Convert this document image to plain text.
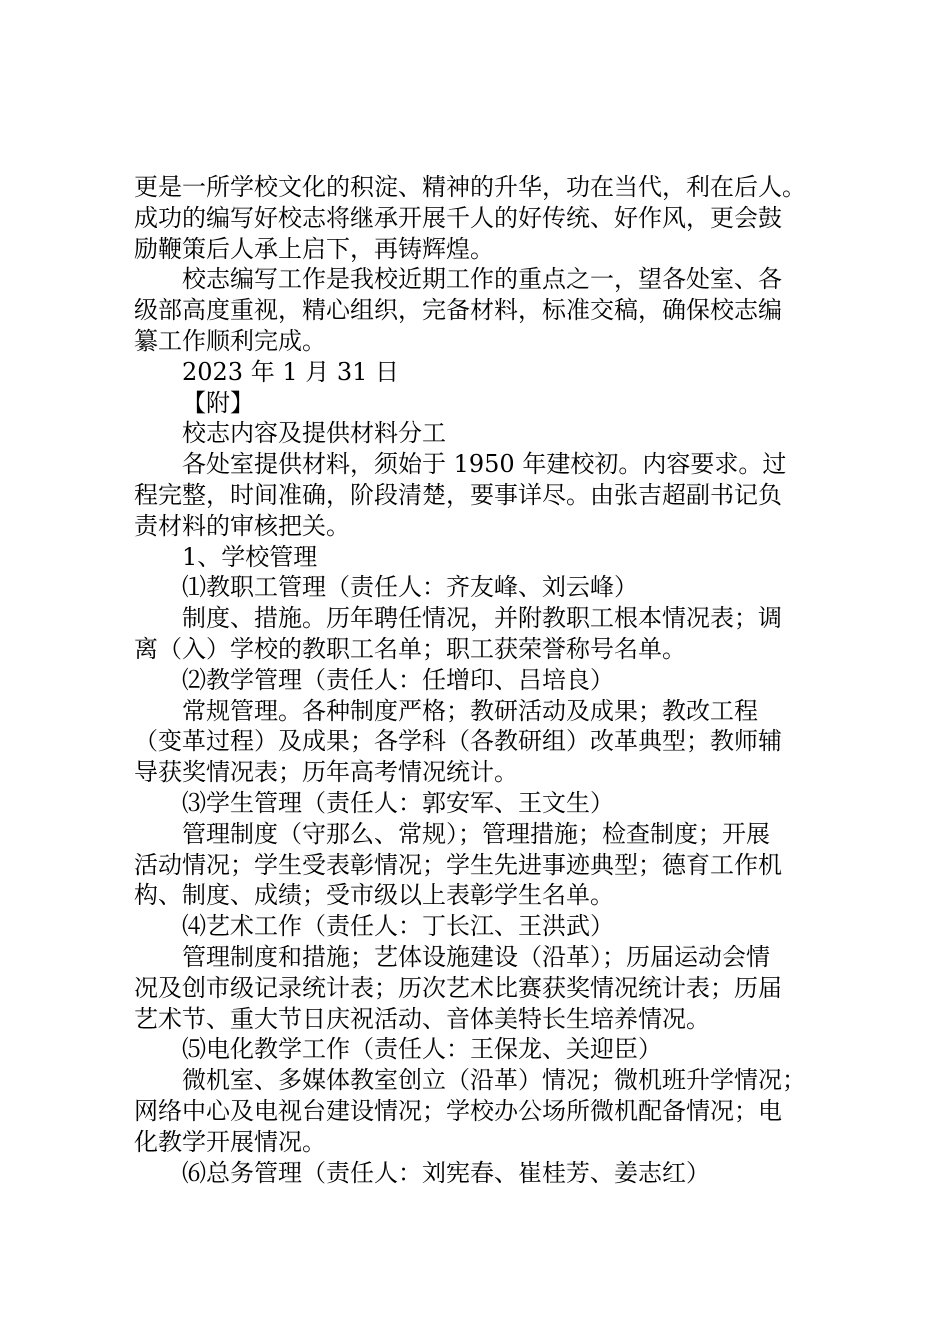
更是一所学校文化的积淀、精神的升华，功在当代，利在后人。

成功的编写好校志将继承开展千人的好传统、好作风，更会鼓

励鞭策后人承上启下，再铸辉煌。

校志编写工作是我校近期工作的重点之一，望各处室、各

级部高度重视，精心组织，完备材料，标准交稿，确保校志编

纂工作顺利完成。

2023 年 1 月 31 日

【附】

校志内容及提供材料分工

各处室提供材料，须始于 1950 年建校初。内容要求。过

程完整，时间准确，阶段清楚，要事详尽。由张吉超副书记负

责材料的审核把关。

1、学校管理

⑴教职工管理（责任人：齐友峰、刘云峰）

制度、措施。历年聘任情况，并附教职工根本情况表；调

离（入）学校的教职工名单；职工获荣誉称号名单。

⑵教学管理（责任人：任增印、吕培良）

常规管理。各种制度严格；教研活动及成果；教改工程

（变革过程）及成果；各学科（各教研组）改革典型；教师辅

导获奖情况表；历年高考情况统计。

⑶学生管理（责任人：郭安军、王文生）

管理制度（守那么、常规）；管理措施；检查制度；开展

活动情况；学生受表彰情况；学生先进事迹典型；德育工作机

构、制度、成绩；受市级以上表彰学生名单。

⑷艺术工作（责任人：丁长江、王洪武）

管理制度和措施；艺体设施建设（沿革）；历届运动会情

况及创市级记录统计表；历次艺术比赛获奖情况统计表；历届

艺术节、重大节日庆祝活动、音体美特长生培养情况。

⑸电化教学工作（责任人：王保龙、关迎臣）

微机室、多媒体教室创立（沿革）情况；微机班升学情况；

网络中心及电视台建设情况；学校办公场所微机配备情况；电

化教学开展情况。

⑹总务管理（责任人：刘宪春、崔桂芳、姜志红）
